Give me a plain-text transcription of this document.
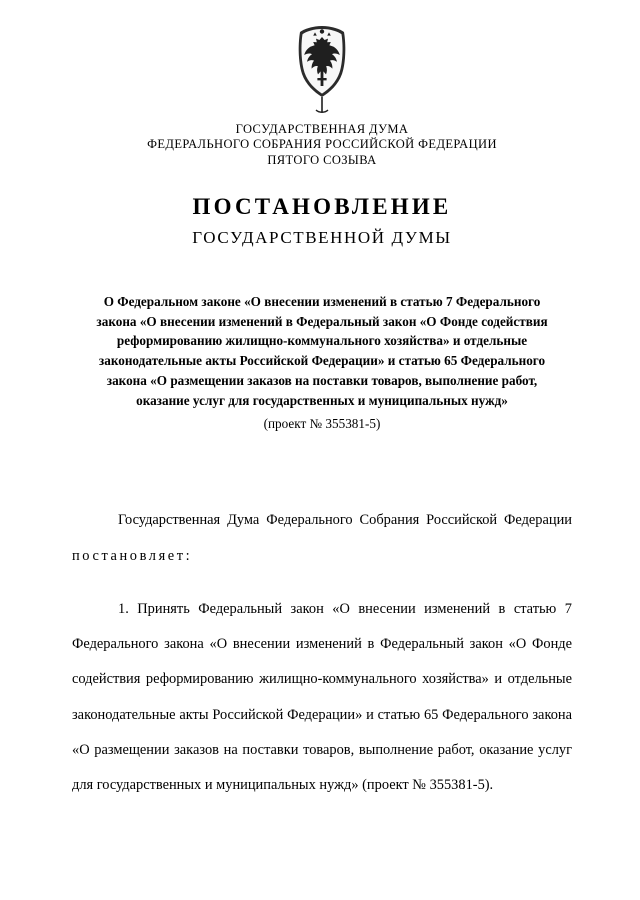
ГОСУДАРСТВЕННАЯ ДУМА
ФЕДЕРАЛЬНОГО СОБРАНИЯ РОССИЙСКОЙ ФЕДЕРАЦИИ
ПЯТОГО СОЗЫВА
ПОСТАНОВЛЕНИЕ
ГОСУДАРСТВЕННОЙ ДУМЫ
О Федеральном законе «О внесении изменений в статью 7 Федерального закона «О внесении изменений в Федеральный закон «О Фонде содействия реформированию жилищно-коммунального хозяйства» и отдельные законодательные акты Российской Федерации» и статью 65 Федерального закона «О размещении заказов на поставки товаров, выполнение работ, оказание услуг для государственных и муниципальных нужд»
(проект № 355381-5)

Государственная Дума Федерального Собрания Российской Федерации постановляет:

1. Принять Федеральный закон «О внесении изменений в статью 7 Федерального закона «О внесении изменений в Федеральный закон «О Фонде содействия реформированию жилищно-коммунального хозяйства» и отдельные законодательные акты Российской Федерации» и статью 65 Федерального закона «О размещении заказов на поставки товаров, выполнение работ, оказание услуг для государственных и муниципальных нужд» (проект № 355381-5).
